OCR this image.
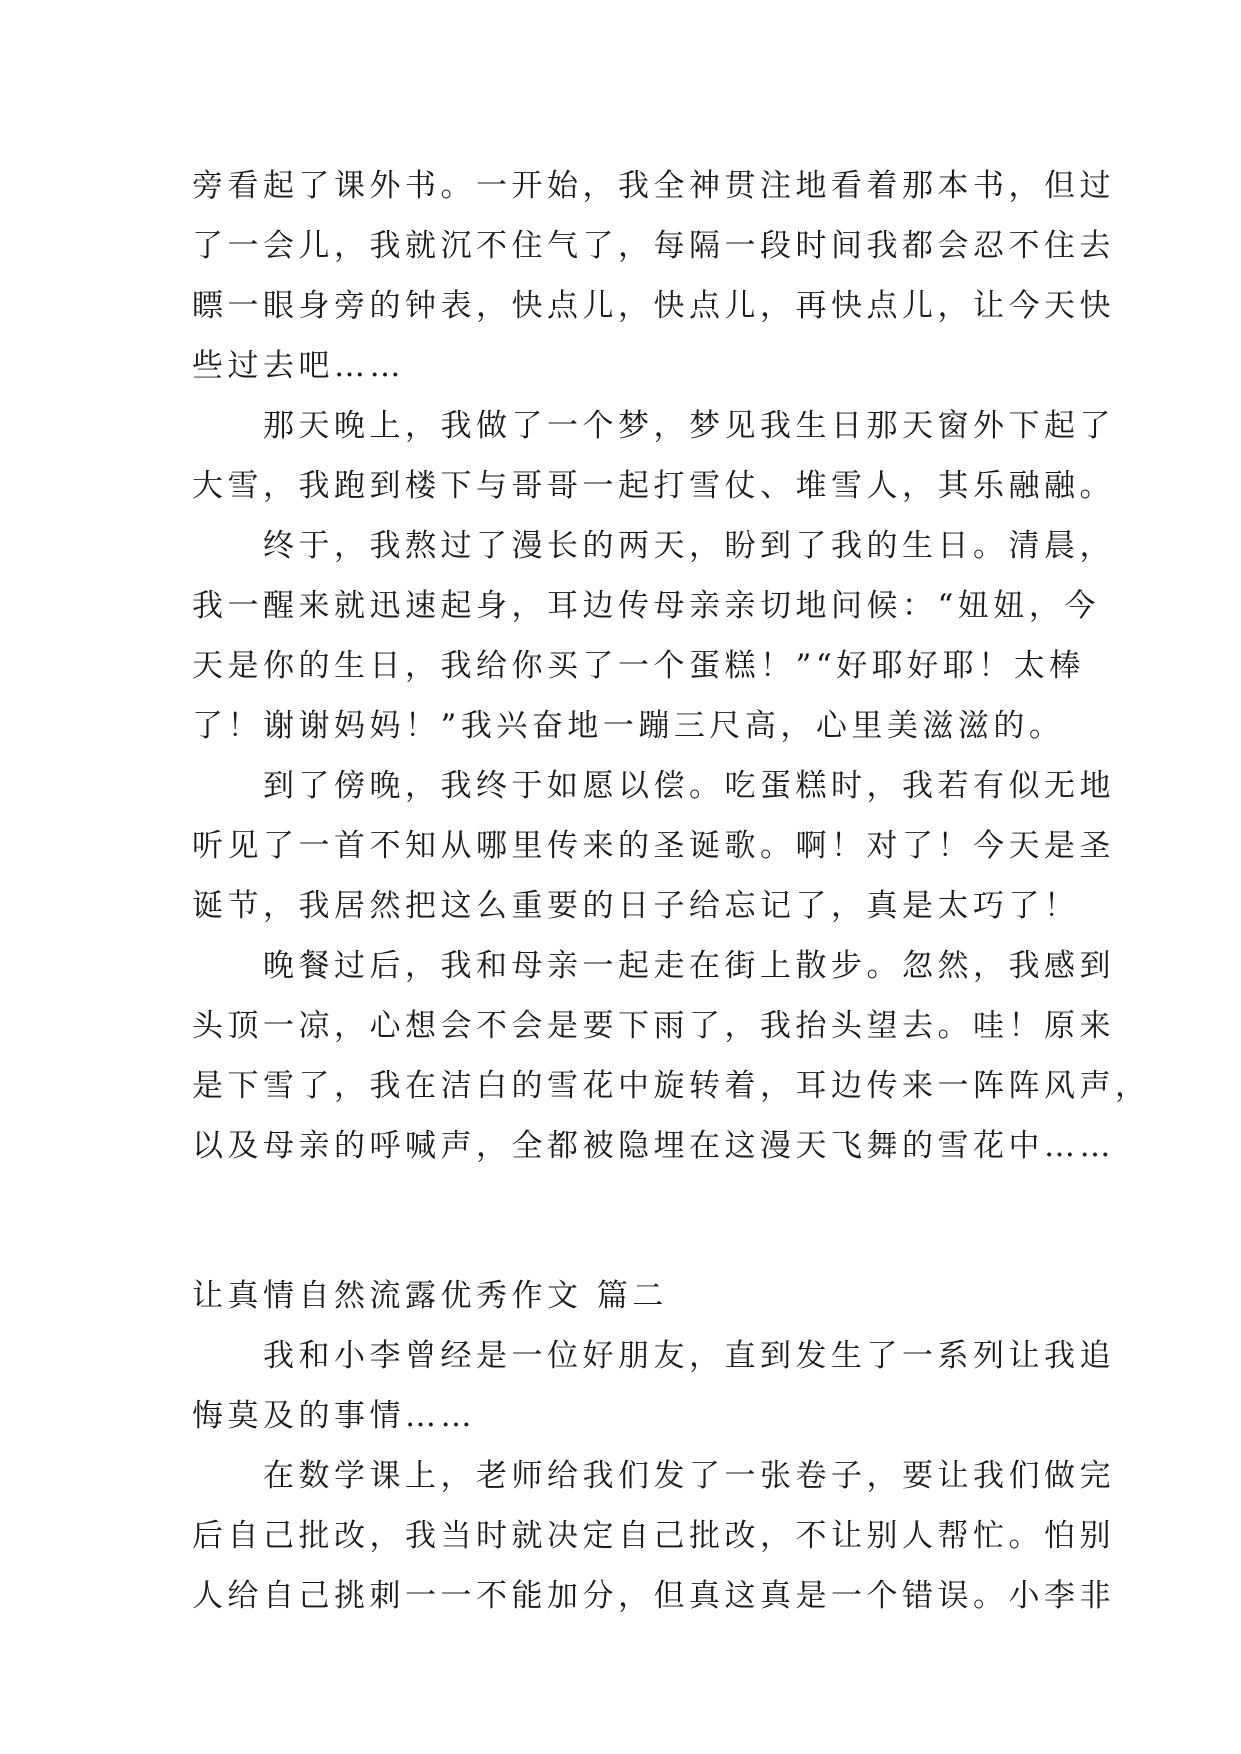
旁看起了课外书。一开始，我全神贯注地看着那本书，但过
了一会儿，我就沉不住气了，每隔一段时间我都会忍不住去
瞟一眼身旁的钟表，快点儿，快点儿，再快点儿，让今天快
些过去吧……
　　那天晚上，我做了一个梦，梦见我生日那天窗外下起了
大雪，我跑到楼下与哥哥一起打雪仗、堆雪人，其乐融融。
　　终于，我熬过了漫长的两天，盼到了我的生日。清晨，
我一醒来就迅速起身，耳边传母亲亲切地问候：“妞妞，今
天是你的生日，我给你买了一个蛋糕！”“好耶好耶！太棒
了！谢谢妈妈！”我兴奋地一蹦三尺高，心里美滋滋的。
　　到了傍晚，我终于如愿以偿。吃蛋糕时，我若有似无地
听见了一首不知从哪里传来的圣诞歌。啊！对了！今天是圣
诞节，我居然把这么重要的日子给忘记了，真是太巧了！
　　晚餐过后，我和母亲一起走在街上散步。忽然，我感到
头顶一凉，心想会不会是要下雨了，我抬头望去。哇！原来
是下雪了，我在洁白的雪花中旋转着，耳边传来一阵阵风声，
以及母亲的呼喊声，全都被隐埋在这漫天飞舞的雪花中……
让真情自然流露优秀作文 篇二
　　我和小李曾经是一位好朋友，直到发生了一系列让我追
悔莫及的事情……
　　在数学课上，老师给我们发了一张卷子，要让我们做完
后自己批改，我当时就决定自己批改，不让别人帮忙。怕别
人给自己挑刺一一不能加分，但真这真是一个错误。小李非
